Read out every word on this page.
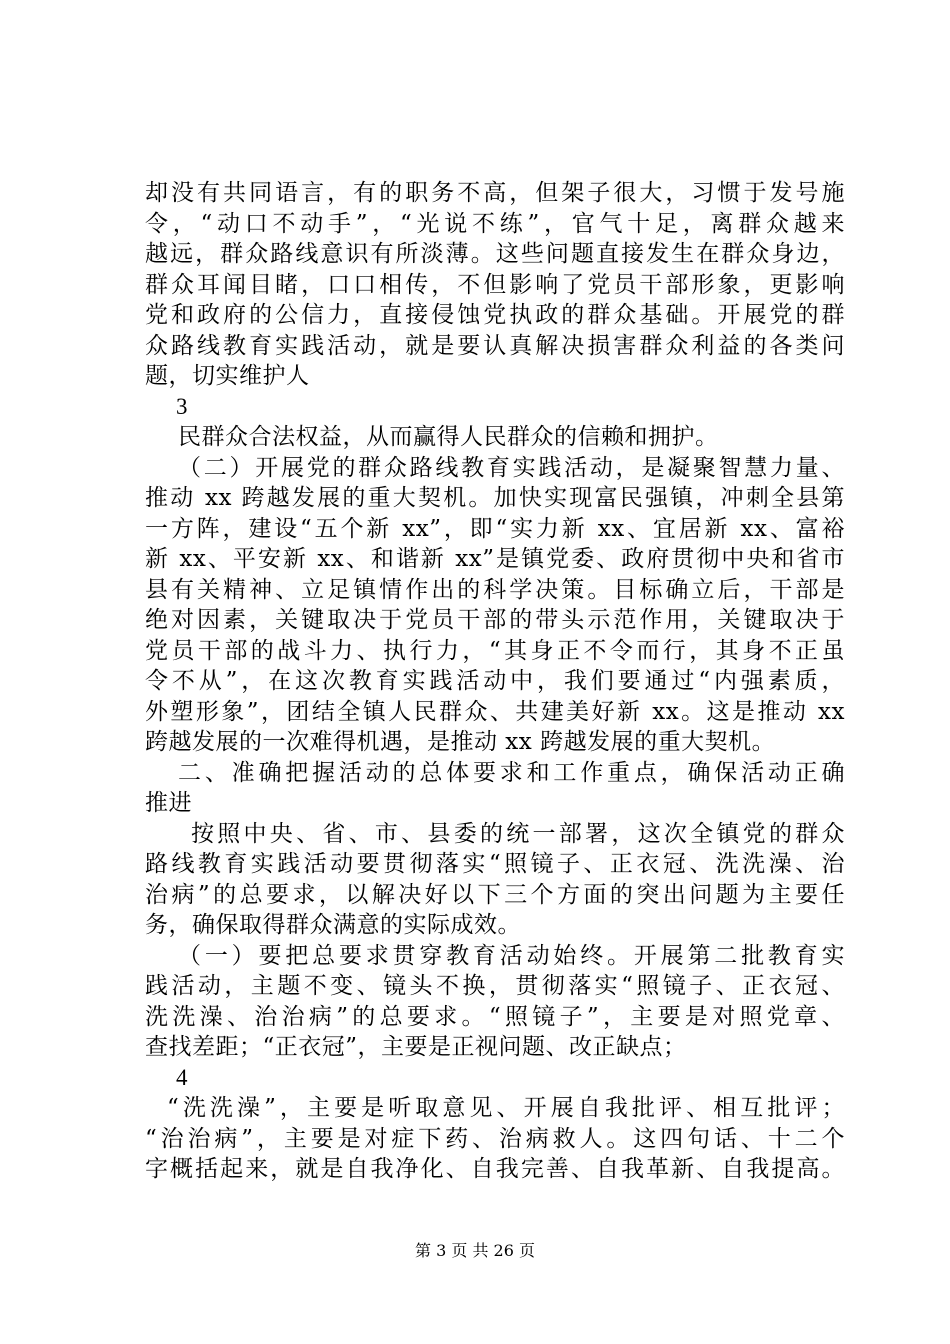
却没有共同语言，有的职务不高，但架子很大，习惯于发号施
令，“动口不动手”，“光说不练”，官气十足，离群众越来
越远，群众路线意识有所淡薄。这些问题直接发生在群众身边，
群众耳闻目睹，口口相传，不但影响了党员干部形象，更影响
党和政府的公信力，直接侵蚀党执政的群众基础。开展党的群
众路线教育实践活动，就是要认真解决损害群众利益的各类问
题，切实维护人
3
民群众合法权益，从而赢得人民群众的信赖和拥护。
（二）开展党的群众路线教育实践活动，是凝聚智慧力量、
推动 xx 跨越发展的重大契机。加快实现富民强镇，冲刺全县第
一方阵，建设“五个新 xx”，即“实力新 xx、宜居新 xx、富裕
新 xx、平安新 xx、和谐新 xx”是镇党委、政府贯彻中央和省市
县有关精神、立足镇情作出的科学决策。目标确立后，干部是
绝对因素，关键取决于党员干部的带头示范作用，关键取决于
党员干部的战斗力、执行力，“其身正不令而行，其身不正虽
令不从”，在这次教育实践活动中，我们要通过“内强素质，
外塑形象”，团结全镇人民群众、共建美好新 xx。这是推动 xx
跨越发展的一次难得机遇，是推动 xx 跨越发展的重大契机。
二、准确把握活动的总体要求和工作重点，确保活动正确
推进
按照中央、省、市、县委的统一部署，这次全镇党的群众
路线教育实践活动要贯彻落实“照镜子、正衣冠、洗洗澡、治
治病”的总要求，以解决好以下三个方面的突出问题为主要任
务，确保取得群众满意的实际成效。
（一）要把总要求贯穿教育活动始终。开展第二批教育实
践活动，主题不变、镜头不换，贯彻落实“照镜子、正衣冠、
洗洗澡、治治病”的总要求。“照镜子”，主要是对照党章、
查找差距；“正衣冠”，主要是正视问题、改正缺点；
4
“洗洗澡”，主要是听取意见、开展自我批评、相互批评；
“治治病”，主要是对症下药、治病救人。这四句话、十二个
字概括起来，就是自我净化、自我完善、自我革新、自我提高。
第 3 页 共 26 页
